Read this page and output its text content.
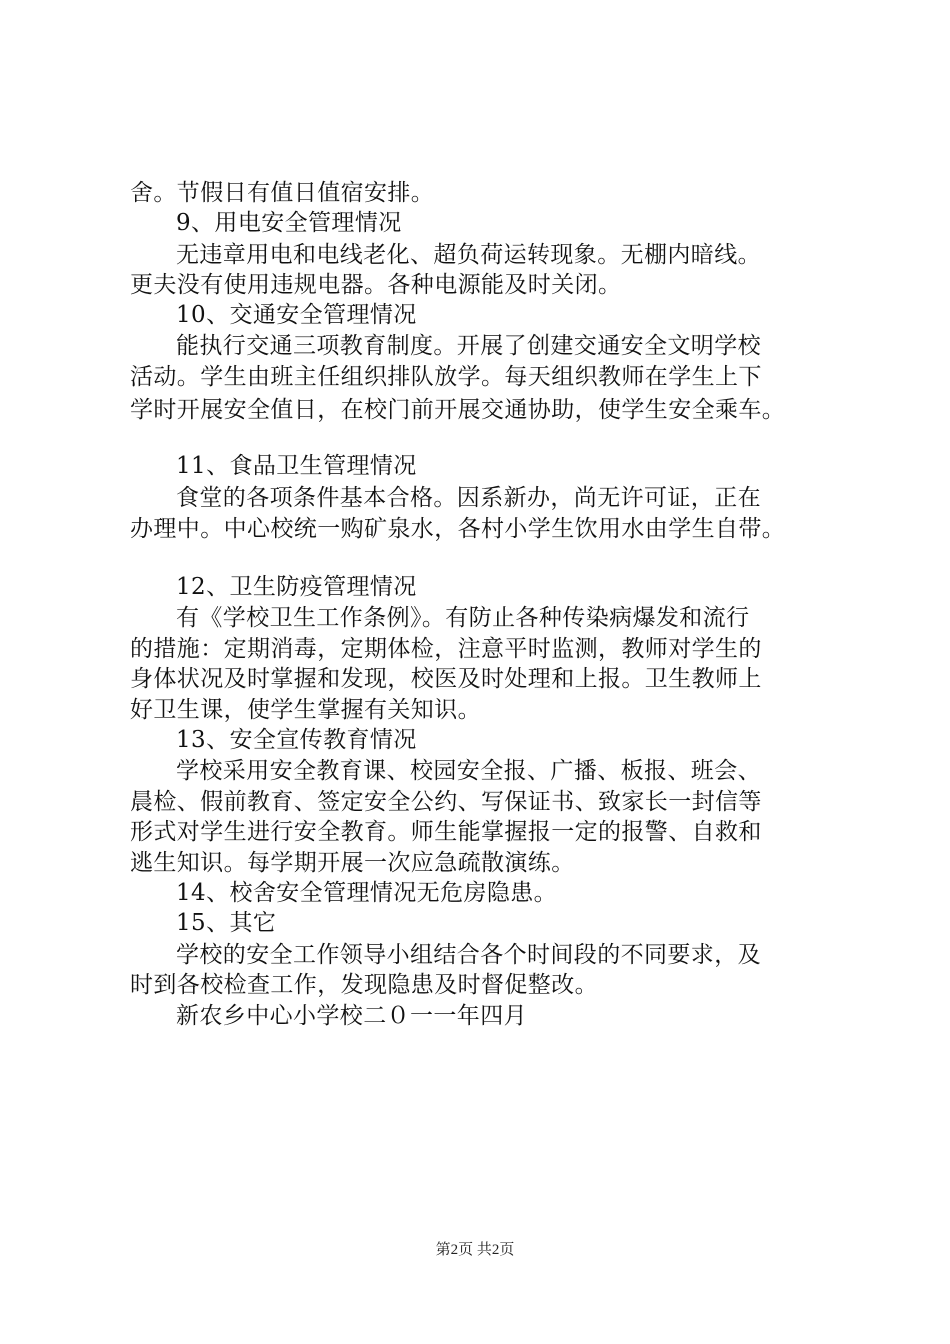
舍。节假日有值日值宿安排。
9、用电安全管理情况
无违章用电和电线老化、超负荷运转现象。无棚内暗线。
更夫没有使用违规电器。各种电源能及时关闭。
10、交通安全管理情况
能执行交通三项教育制度。开展了创建交通安全文明学校
活动。学生由班主任组织排队放学。每天组织教师在学生上下
学时开展安全值日，在校门前开展交通协助，使学生安全乘车。
11、食品卫生管理情况
食堂的各项条件基本合格。因系新办，尚无许可证，正在
办理中。中心校统一购矿泉水，各村小学生饮用水由学生自带。
12、卫生防疫管理情况
有《学校卫生工作条例》。有防止各种传染病爆发和流行
的措施：定期消毒，定期体检，注意平时监测，教师对学生的
身体状况及时掌握和发现，校医及时处理和上报。卫生教师上
好卫生课，使学生掌握有关知识。
13、安全宣传教育情况
学校采用安全教育课、校园安全报、广播、板报、班会、
晨检、假前教育、签定安全公约、写保证书、致家长一封信等
形式对学生进行安全教育。师生能掌握报一定的报警、自救和
逃生知识。每学期开展一次应急疏散演练。
14、校舍安全管理情况无危房隐患。
15、其它
学校的安全工作领导小组结合各个时间段的不同要求，及
时到各校检查工作，发现隐患及时督促整改。
新农乡中心小学校二０一一年四月
第2页 共2页
